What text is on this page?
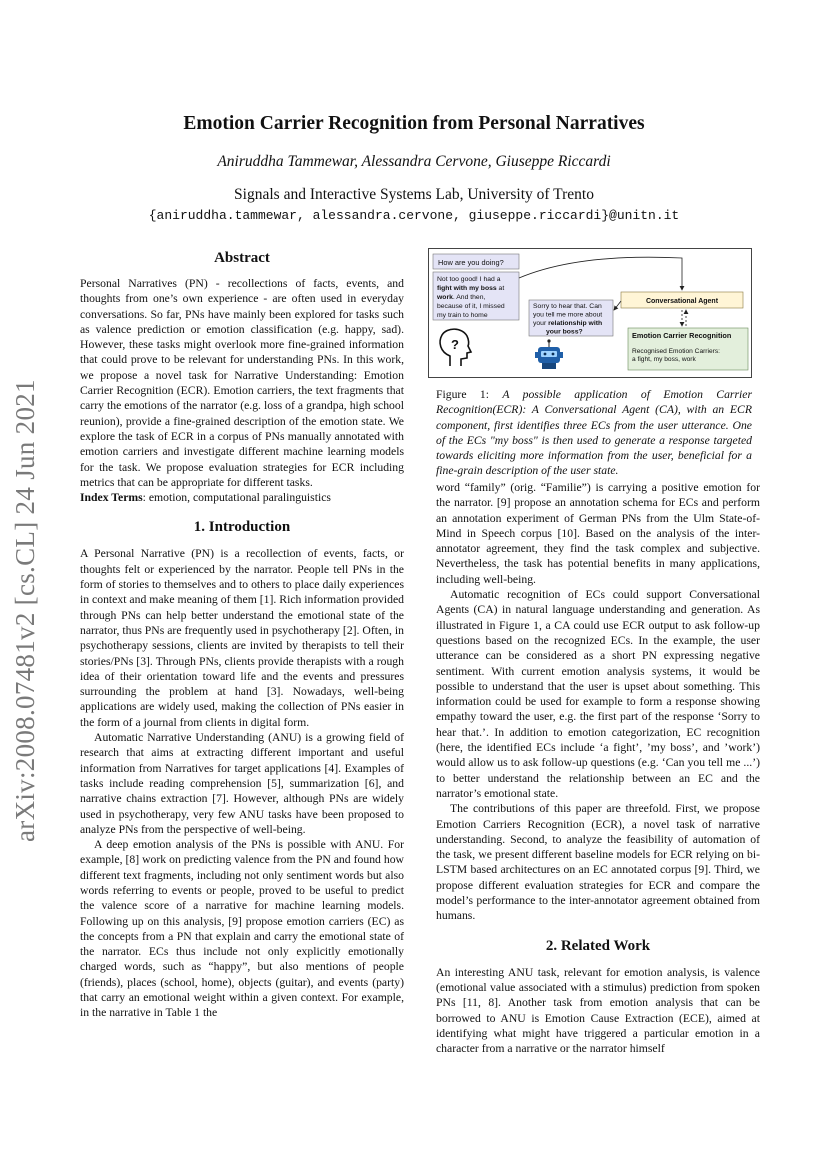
arXiv:2008.07481v2 [cs.CL] 24 Jun 2021
Emotion Carrier Recognition from Personal Narratives
Aniruddha Tammewar, Alessandra Cervone, Giuseppe Riccardi
Signals and Interactive Systems Lab, University of Trento
{aniruddha.tammewar, alessandra.cervone, giuseppe.riccardi}@unitn.it
Abstract

Personal Narratives (PN) - recollections of facts, events, and thoughts from one’s own experience - are often used in everyday conversations. So far, PNs have mainly been explored for tasks such as valence prediction or emotion classification (e.g. happy, sad). However, these tasks might overlook more fine-grained information that could prove to be relevant for understanding PNs. In this work, we propose a novel task for Narrative Understanding: Emotion Carrier Recognition (ECR). Emotion carriers, the text fragments that carry the emotions of the narrator (e.g. loss of a grandpa, high school reunion), provide a fine-grained description of the emotion state. We explore the task of ECR in a corpus of PNs manually annotated with emotion carriers and investigate different machine learning models for the task. We propose evaluation strategies for ECR including metrics that can be appropriate for different tasks.

Index Terms: emotion, computational paralinguistics

1. Introduction

A Personal Narrative (PN) is a recollection of events, facts, or thoughts felt or experienced by the narrator. People tell PNs in the form of stories to themselves and to others to place daily experiences in context and make meaning of them [1]. Rich information provided through PNs can help better understand the emotional state of the narrator, thus PNs are frequently used in psychotherapy [2]. Often, in psychotherapy sessions, clients are invited by therapists to tell their stories/PNs [3]. Through PNs, clients provide therapists with a rough idea of their orientation toward life and the events and pressures surrounding the problem at hand [3]. Nowadays, well-being applications are widely used, making the collection of PNs easier in the form of a journal from clients in digital form.

Automatic Narrative Understanding (ANU) is a growing field of research that aims at extracting different important and useful information from Narratives for target applications [4]. Examples of tasks include reading comprehension [5], summarization [6], and narrative chains extraction [7]. However, although PNs are widely used in psychotherapy, very few ANU tasks have been proposed to analyze PNs from the perspective of well-being.

A deep emotion analysis of the PNs is possible with ANU. For example, [8] work on predicting valence from the PN and found how different text fragments, including not only sentiment words but also words referring to events or people, proved to be useful to predict the valence score of a narrative for machine learning models. Following up on this analysis, [9] propose emotion carriers (EC) as the concepts from a PN that explain and carry the emotional state of the narrator. ECs thus include not only explicitly emotionally charged words, such as “happy”, but also mentions of people (friends), places (school, home), objects (guitar), and events (party) that carry an emotional weight within a given context. For example, in the narrative in Table 1 the

How are you doing?
Not too good! I had a fight with my boss at work. And then, because of it, I missed my train to home
Sorry to hear that. Can you tell me more about your relationship with your boss?
Conversational Agent
Emotion Carrier Recognition
Recognised Emotion Carriers: a fight, my boss, work
?
Figure 1: A possible application of Emotion Carrier Recognition(ECR): A Conversational Agent (CA), with an ECR component, first identifies three ECs from the user utterance. One of the ECs "my boss" is then used to generate a response targeted towards eliciting more information from the user, beneficial for a fine-grain description of the user state.

word “family” (orig. “Familie”) is carrying a positive emotion for the narrator. [9] propose an annotation schema for ECs and perform an annotation experiment of German PNs from the Ulm State-of-Mind in Speech corpus [10]. Based on the analysis of the inter-annotator agreement, they find the task complex and subjective. Nevertheless, the task has potential benefits in many applications, including well-being.

Automatic recognition of ECs could support Conversational Agents (CA) in natural language understanding and generation. As illustrated in Figure 1, a CA could use ECR output to ask follow-up questions based on the recognized ECs. In the example, the user utterance can be considered as a short PN expressing negative sentiment. With current emotion analysis systems, it would be possible to understand that the user is upset about something. This information could be used for example to form a response showing empathy toward the user, e.g. the first part of the response ‘Sorry to hear that.’. In addition to emotion categorization, EC recognition (here, the identified ECs include ‘a fight’, ’my boss’, and ’work’) would allow us to ask follow-up questions (e.g. ‘Can you tell me ...’) to better understand the relationship between an EC and the narrator’s emotional state.

The contributions of this paper are threefold. First, we propose Emotion Carriers Recognition (ECR), a novel task of narrative understanding. Second, to analyze the feasibility of automation of the task, we present different baseline models for ECR relying on bi-LSTM based architectures on an EC annotated corpus [9]. Third, we propose different evaluation strategies for ECR and compare the model’s performance to the inter-annotator agreement obtained from humans.

2. Related Work

An interesting ANU task, relevant for emotion analysis, is valence (emotional value associated with a stimulus) prediction from spoken PNs [11, 8]. Another task from emotion analysis that can be borrowed to ANU is Emotion Cause Extraction (ECE), aimed at identifying what might have triggered a particular emotion in a character from a narrative or the narrator himself
